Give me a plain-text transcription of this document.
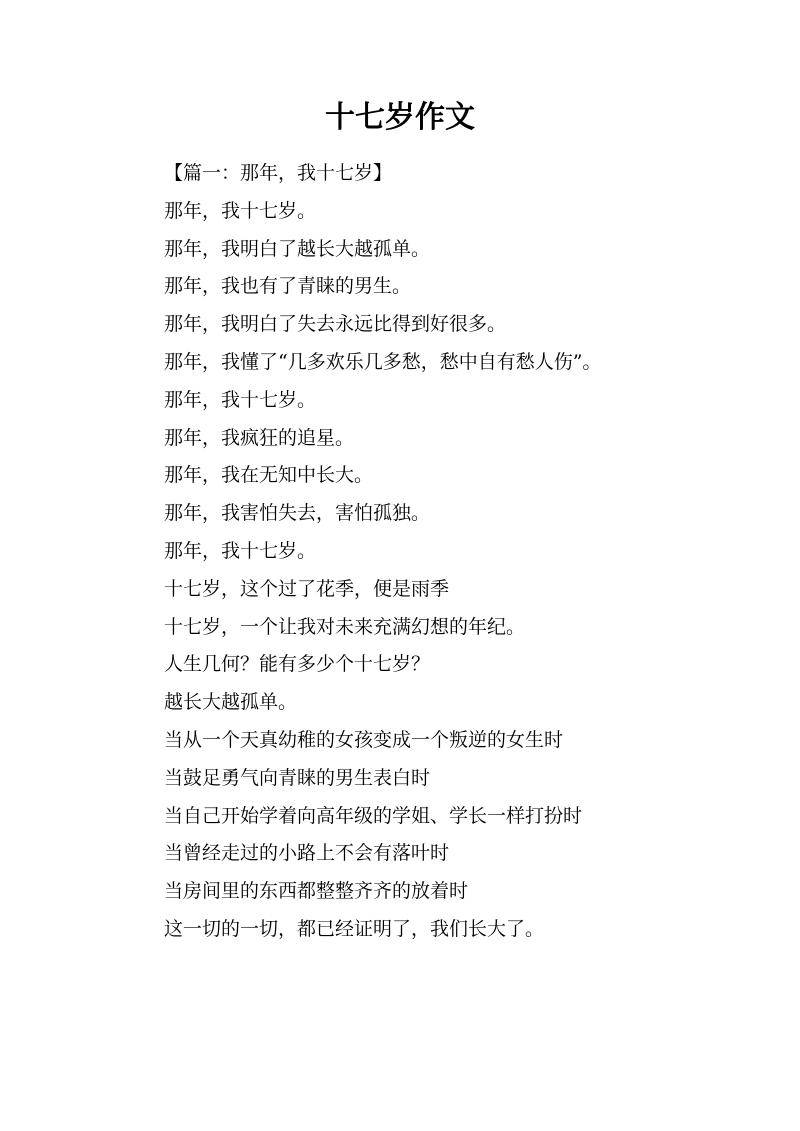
十七岁作文

【篇一：那年，我十七岁】

那年，我十七岁。

那年，我明白了越长大越孤单。

那年，我也有了青睐的男生。

那年，我明白了失去永远比得到好很多。

那年，我懂了“几多欢乐几多愁，愁中自有愁人伤”。

那年，我十七岁。

那年，我疯狂的追星。

那年，我在无知中长大。

那年，我害怕失去，害怕孤独。

那年，我十七岁。

十七岁，这个过了花季，便是雨季

十七岁，一个让我对未来充满幻想的年纪。

人生几何？能有多少个十七岁？

越长大越孤单。

当从一个天真幼稚的女孩变成一个叛逆的女生时

当鼓足勇气向青睐的男生表白时

当自己开始学着向高年级的学姐、学长一样打扮时

当曾经走过的小路上不会有落叶时

当房间里的东西都整整齐齐的放着时

这一切的一切，都已经证明了，我们长大了。
